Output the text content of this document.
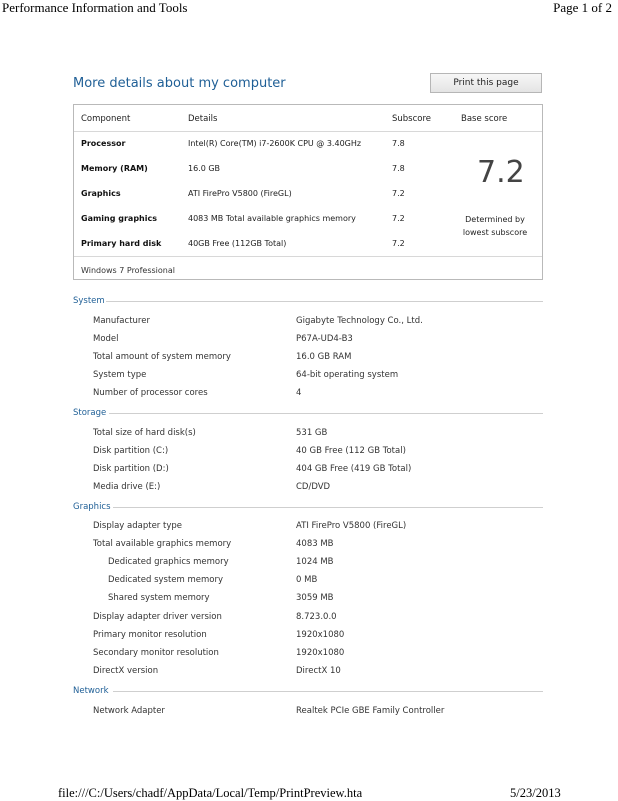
Performance Information and Tools	Page 1 of 2
file:///C:/Users/chadf/AppData/Local/Temp/PrintPreview.hta	5/23/2013
More details about my computer	Print this page
Component	Details	Subscore	Base score
Processor	Intel(R) Core(TM) i7-2600K CPU @ 3.40GHz	7.8
Memory (RAM)	16.0 GB	7.8
Graphics	ATI FirePro V5800 (FireGL)	7.2
Gaming graphics	4083 MB Total available graphics memory	7.2
Primary hard disk	40GB Free (112GB Total)	7.2
7.2
Determined by lowest subscore
Windows 7 Professional
System
Manufacturer	Gigabyte Technology Co., Ltd.
Model	P67A-UD4-B3
Total amount of system memory	16.0 GB RAM
System type	64-bit operating system
Number of processor cores	4
Storage
Total size of hard disk(s)	531 GB
Disk partition (C:)	40 GB Free (112 GB Total)
Disk partition (D:)	404 GB Free (419 GB Total)
Media drive (E:)	CD/DVD
Graphics
Display adapter type	ATI FirePro V5800 (FireGL)
Total available graphics memory	4083 MB
Dedicated graphics memory	1024 MB
Dedicated system memory	0 MB
Shared system memory	3059 MB
Display adapter driver version	8.723.0.0
Primary monitor resolution	1920x1080
Secondary monitor resolution	1920x1080
DirectX version	DirectX 10
Network
Network Adapter	Realtek PCIe GBE Family Controller
